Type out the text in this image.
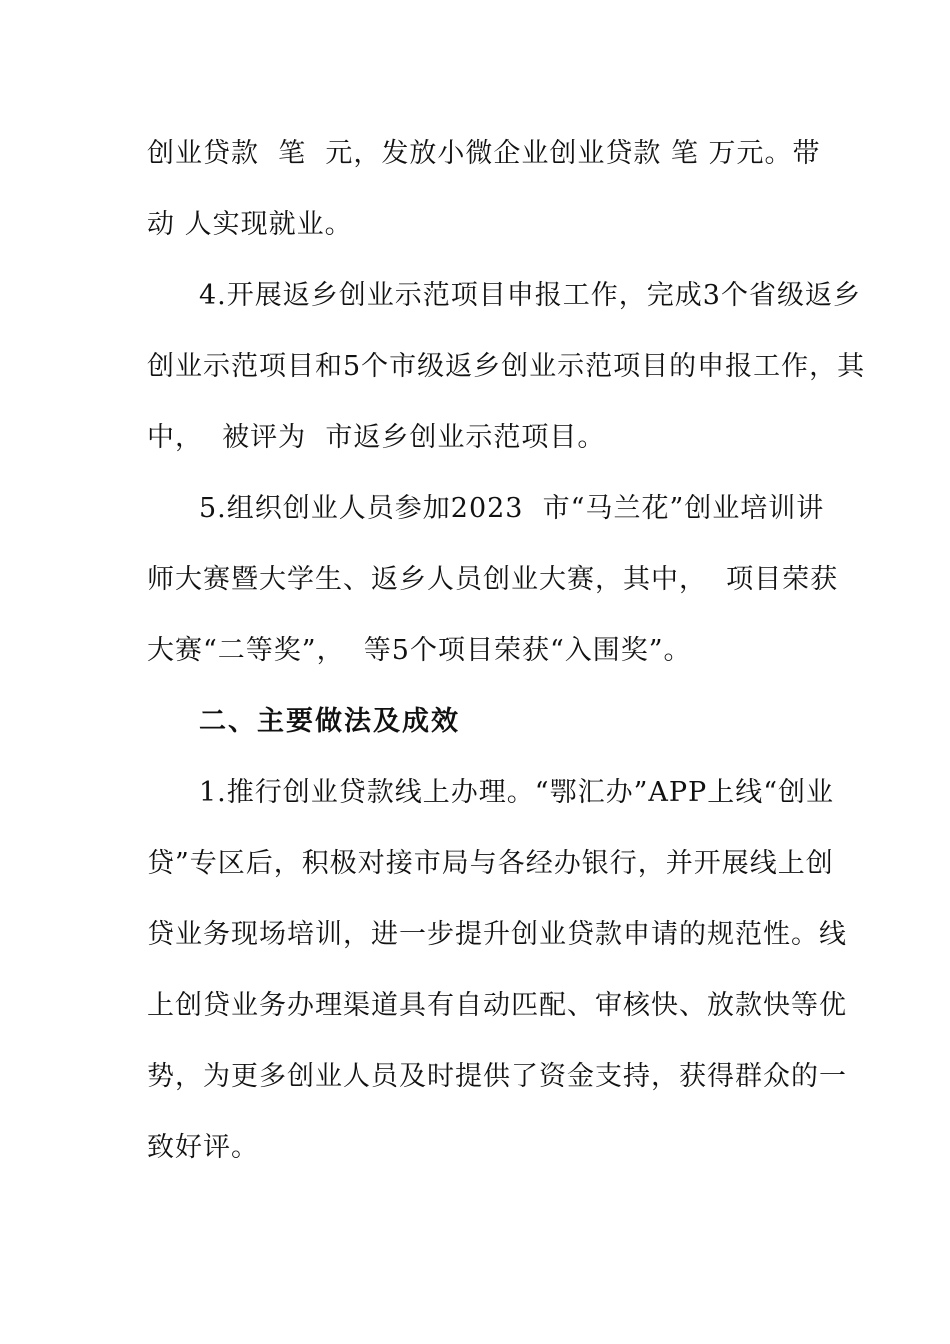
创业贷款  笔  元，发放小微企业创业贷款 笔 万元。带

动 人实现就业。

4.开展返乡创业示范项目申报工作，完成3个省级返乡

创业示范项目和5个市级返乡创业示范项目的申报工作，其

中，  被评为  市返乡创业示范项目。

5.组织创业人员参加2023  市“马兰花”创业培训讲

师大赛暨大学生、返乡人员创业大赛，其中，  项目荣获

大赛“二等奖”，  等5个项目荣获“入围奖”。

二、主要做法及成效

1.推行创业贷款线上办理。“鄂汇办”APP上线“创业

贷”专区后，积极对接市局与各经办银行，并开展线上创

贷业务现场培训，进一步提升创业贷款申请的规范性。线

上创贷业务办理渠道具有自动匹配、审核快、放款快等优

势，为更多创业人员及时提供了资金支持，获得群众的一

致好评。
